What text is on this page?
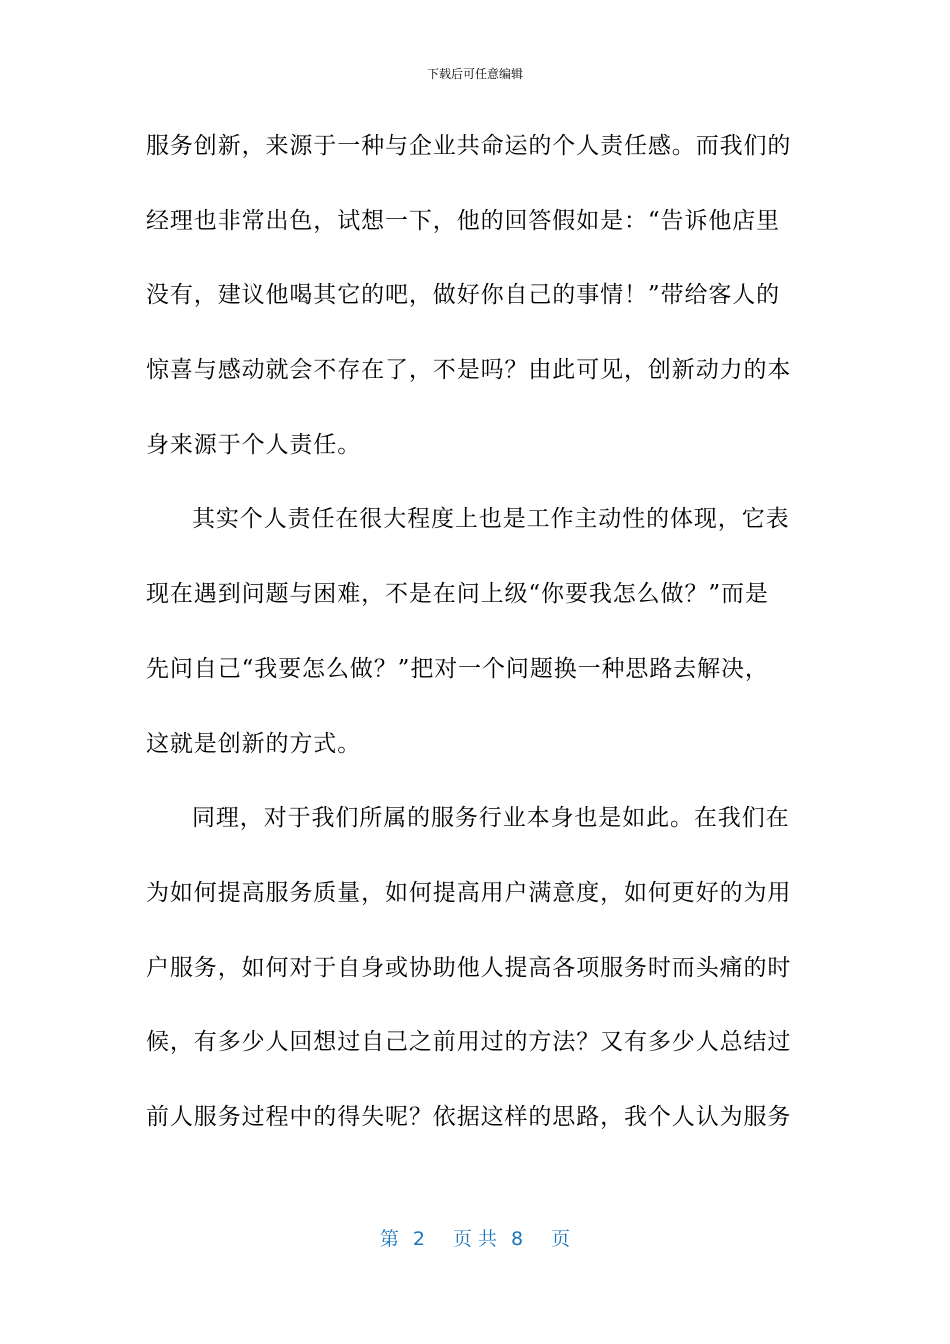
下载后可任意编辑
服务创新，来源于一种与企业共命运的个人责任感。而我们的
经理也非常出色，试想一下，他的回答假如是：“告诉他店里
没有，建议他喝其它的吧，做好你自己的事情！”带给客人的
惊喜与感动就会不存在了，不是吗？由此可见，创新动力的本
身来源于个人责任。
其实个人责任在很大程度上也是工作主动性的体现，它表
现在遇到问题与困难，不是在问上级“你要我怎么做？”而是
先问自己“我要怎么做？”把对一个问题换一种思路去解决，
这就是创新的方式。
同理，对于我们所属的服务行业本身也是如此。在我们在
为如何提高服务质量，如何提高用户满意度，如何更好的为用
户服务，如何对于自身或协助他人提高各项服务时而头痛的时
候，有多少人回想过自己之前用过的方法？又有多少人总结过
前人服务过程中的得失呢？依据这样的思路，我个人认为服务
第 2 页 共 8 页
